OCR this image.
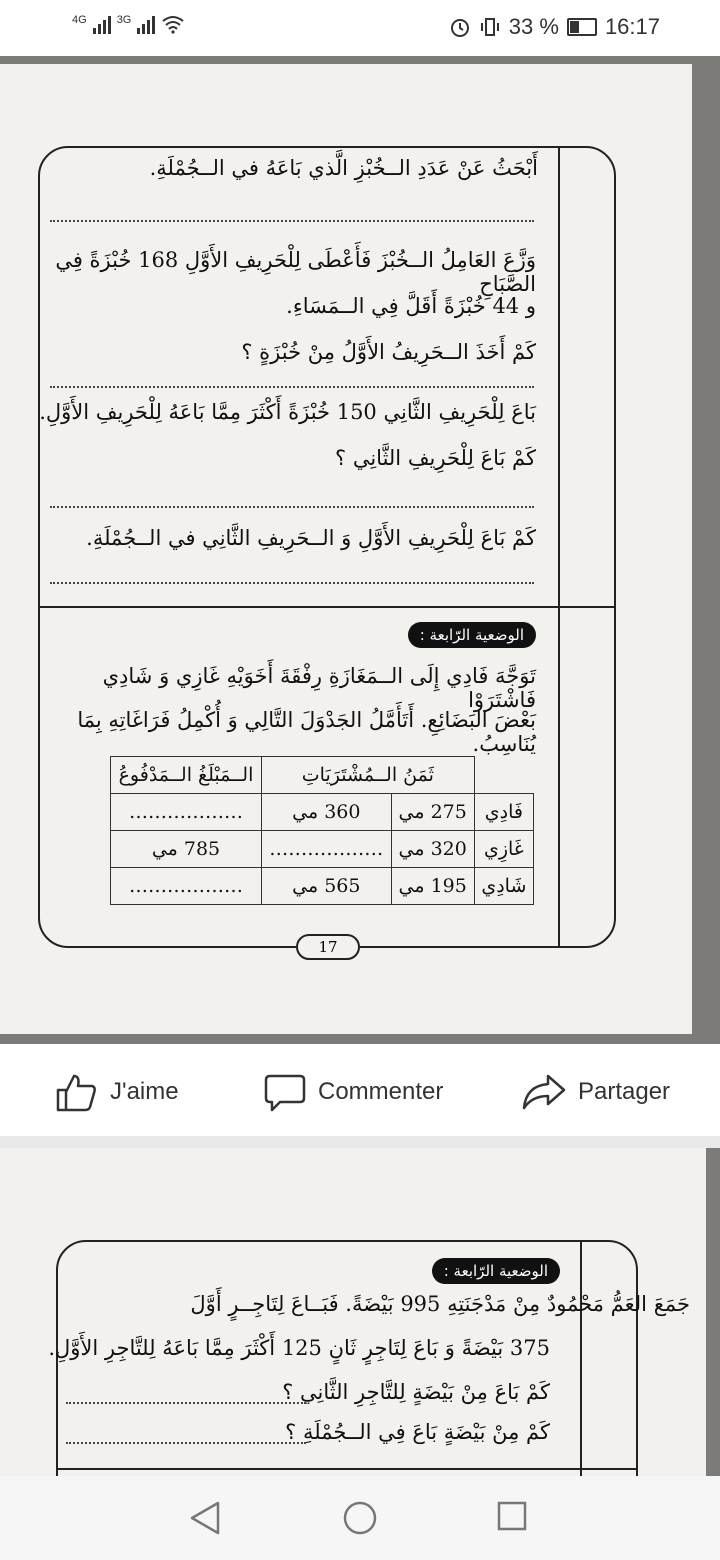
4G	3G	33 % 16:17
أَبْحَثُ عَنْ عَدَدِ الــخُبْزِ الَّذي بَاعَهُ في الــجُمْلَةِ.
وَزَّعَ العَامِلُ الــخُبْزَ فَأَعْطَى لِلْحَرِيفِ الأَوَّلِ 168 خُبْزَةً فِي الصَّبَاحِ
و 44 خُبْزَةً أَقَلَّ فِي الــمَسَاءِ.
كَمْ أَخَذَ الــحَرِيفُ الأَوَّلُ مِنْ خُبْزَةٍ ؟
بَاعَ لِلْحَرِيفِ الثَّانِي 150 خُبْزَةً أَكْثَرَ مِمَّا بَاعَهُ لِلْحَرِيفِ الأَوَّلِ.
كَمْ بَاعَ لِلْحَرِيفِ الثَّانِي ؟
كَمْ بَاعَ لِلْحَرِيفِ الأَوَّلِ وَ الــحَرِيفِ الثَّانِي في الــجُمْلَةِ.
الوضعية الرّابعة :
تَوَجَّهَ فَادِي إِلَى الــمَغَازَةِ رِفْقَةَ أَخَوَيْهِ غَازِي وَ شَادِي فَاشْتَرَوْا
بَعْضَ البَضَائِعِ. أَتَأَمَّلُ الجَدْوَلَ التَّالِي وَ أُكْمِلُ فَرَاغَاتِهِ بِمَا يُنَاسِبُ.
	ثَمَنُ الــمُشْتَرَيَاتِ		الــمَبْلَغُ الــمَدْفُوعُ
فَادِي	275 مي	360 مي	………………
غَازِي	320 مي	………………	785 مي
شَادِي	195 مي	565 مي	………………
17
J'aime	Commenter	Partager
الوضعية الرّابعة :
جَمَعَ العَمُّ مَحْمُودٌ مِنْ مَدْجَنَتِهِ 995 بَيْضَةً. فَبَــاعَ لِتَاجِــرٍ أَوَّلَ
375 بَيْضَةً وَ بَاعَ لِتَاجِرٍ ثَانٍ 125 أَكْثَرَ مِمَّا بَاعَهُ لِلتَّاجِرِ الأَوَّلِ.
كَمْ بَاعَ مِنْ بَيْضَةٍ لِلتَّاجِرِ الثَّانِي ؟
كَمْ مِنْ بَيْضَةٍ بَاعَ فِي الــجُمْلَةِ ؟
